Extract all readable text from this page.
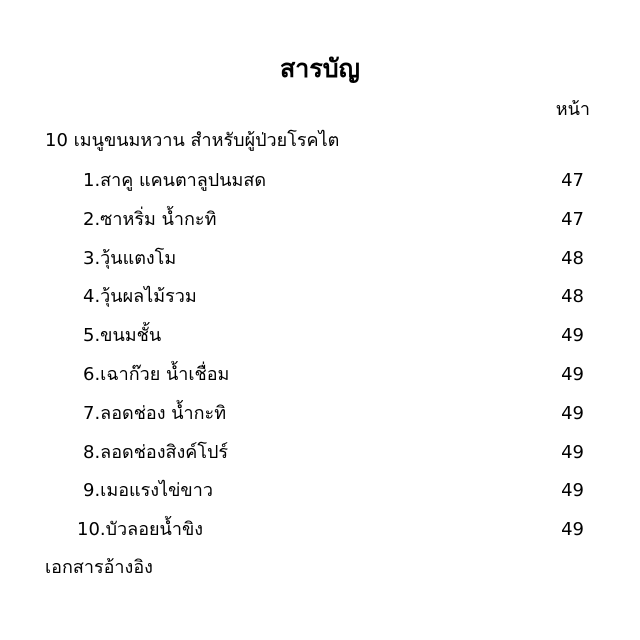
สารบัญ
หน้า
10 เมนูขนมหวาน สำหรับผู้ป่วยโรคไต
1.สาคู แคนตาลูปนมสด	47
2.ซาหริ่ม น้ำกะทิ	47
3.วุ้นแตงโม	48
4.วุ้นผลไม้รวม	48
5.ขนมชั้น	49
6.เฉาก๊วย น้ำเชื่อม	49
7.ลอดช่อง น้ำกะทิ	49
8.ลอดช่องสิงค์โปร์	49
9.เมอแรงไข่ขาว	49
10.บัวลอยน้ำขิง	49
เอกสารอ้างอิง
